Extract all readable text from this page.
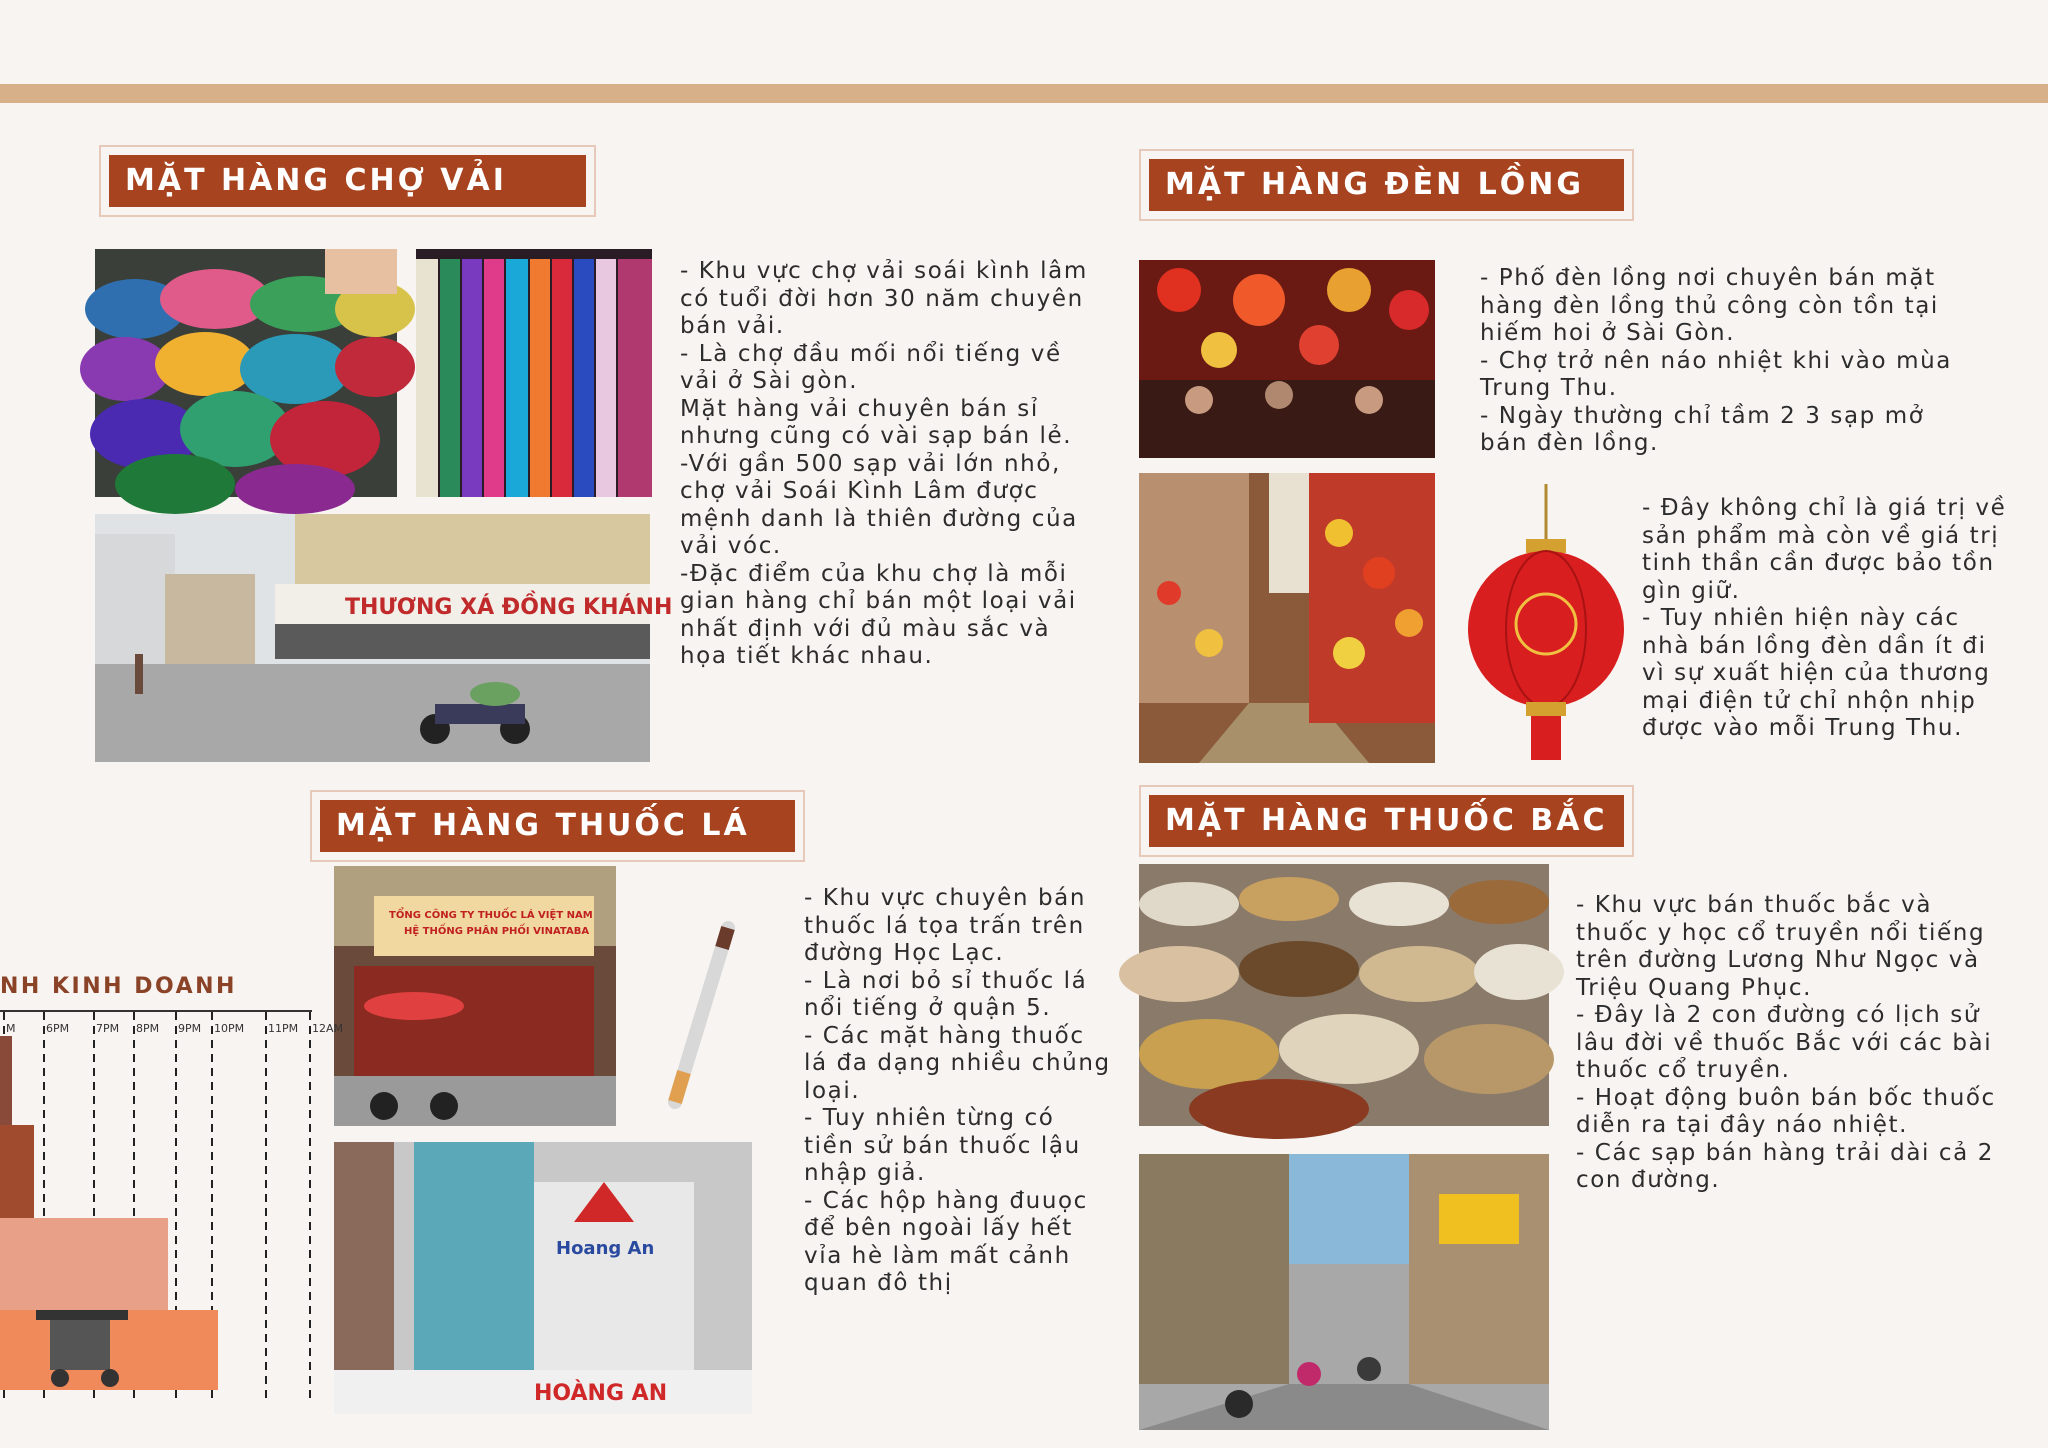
MẶT HÀNG CHỢ VẢI
THƯƠNG XÁ ĐỒNG KHÁNH

- Khu vực chợ vải soái kình lâm

có tuổi đời hơn 30 năm chuyên

bán vải.

- Là chợ đầu mối nổi tiếng về

vải ở Sài gòn.

Mặt hàng vải chuyên bán sỉ

nhưng cũng có vài sạp bán lẻ.

-Với gần 500 sạp vải lớn nhỏ,

chợ vải Soái Kình Lâm được

mệnh danh là thiên đường của

vải vóc.

-Đặc điểm của khu chợ là mỗi

gian hàng chỉ bán một loại vải

nhất định với đủ màu sắc và

họa tiết khác nhau.

MẶT HÀNG ĐÈN LỒNG

- Phố đèn lồng nơi chuyên bán mặt

hàng đèn lồng thủ công còn tồn tại

hiếm hoi ở Sài Gòn.

- Chợ trở nên náo nhiệt khi vào mùa

Trung Thu.

- Ngày thường chỉ tầm 2 3 sạp mở

bán đèn lồng.

- Đây không chỉ là giá trị về

sản phẩm mà còn về giá trị

tinh thần cần được bảo tồn

gìn giữ.

- Tuy nhiên hiện này các

nhà bán lồng đèn dần ít đi

vì sự xuất hiện của thương

mại điện tử chỉ nhộn nhịp

được vào mỗi Trung Thu.

MẶT HÀNG THUỐC LÁ
TỔNG CÔNG TY THUỐC LÁ VIỆT NAM
HỆ THỐNG PHÂN PHỐI VINATABA
Hoang An
HOÀNG AN

- Khu vực chuyên bán

thuốc lá tọa trấn trên

đường Học Lạc.

- Là nơi bỏ sỉ thuốc lá

nổi tiếng ở quận 5.

- Các mặt hàng thuốc

lá đa dạng nhiều chủng

loại.

- Tuy nhiên từng có

tiền sử bán thuốc lậu

nhập giả.

- Các hộp hàng đuuọc

để bên ngoài lấy hết

vỉa hè làm mất cảnh

quan đô thị

MẶT HÀNG THUỐC BẮC

- Khu vực bán thuốc bắc và

thuốc y học cổ truyền nổi tiếng

trên đường Lương Như Ngọc và

Triệu Quang Phục.

- Đây là 2 con đường có lịch sử

lâu đời về thuốc Bắc với các bài

thuốc cổ truyền.

- Hoạt động buôn bán bốc thuốc

diễn ra tại đây náo nhiệt.

- Các sạp bán hàng trải dài cả 2

con đường.

NH KINH DOANH
M	6PM 7PM 8PM 9PM 10PM 11PM 12AM
